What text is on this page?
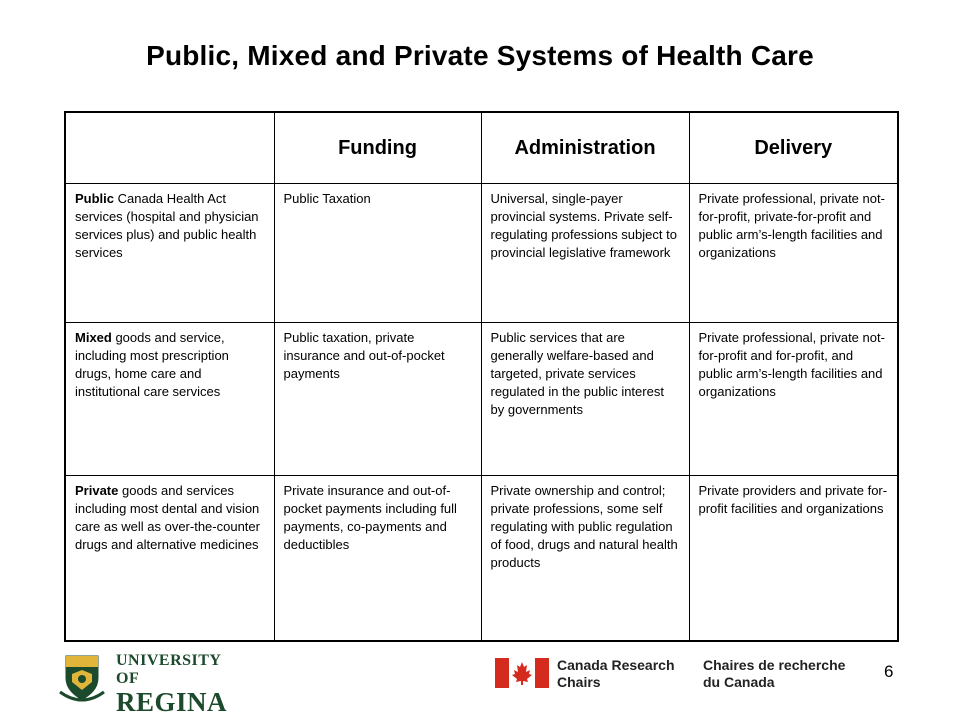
Public, Mixed and Private Systems of Health Care
	Funding	Administration	Delivery
Public Canada Health Act services (hospital and physician services plus) and public health services	Public Taxation	Universal, single-payer provincial systems. Private self-regulating professions subject to provincial legislative framework	Private professional, private not-for-profit, private-for-profit and public arm’s-length facilities and organizations
Mixed goods and service, including most prescription drugs, home care and institutional care services	Public taxation, private insurance and out-of-pocket payments	Public services that are generally welfare-based and targeted, private services regulated in the public interest by governments	Private professional, private not-for-profit and for-profit, and public arm’s-length facilities and organizations
Private goods and services including most dental and vision care as well as over-the-counter drugs and alternative medicines	Private insurance and out-of-pocket payments including full payments, co-payments and deductibles	Private ownership and control; private professions, some self regulating with public regulation of food, drugs and natural health products	Private providers and private for-profit facilities and organizations
UNIVERSITY OF
REGINA
Canada Research Chairs
Chaires de recherche du Canada
6
